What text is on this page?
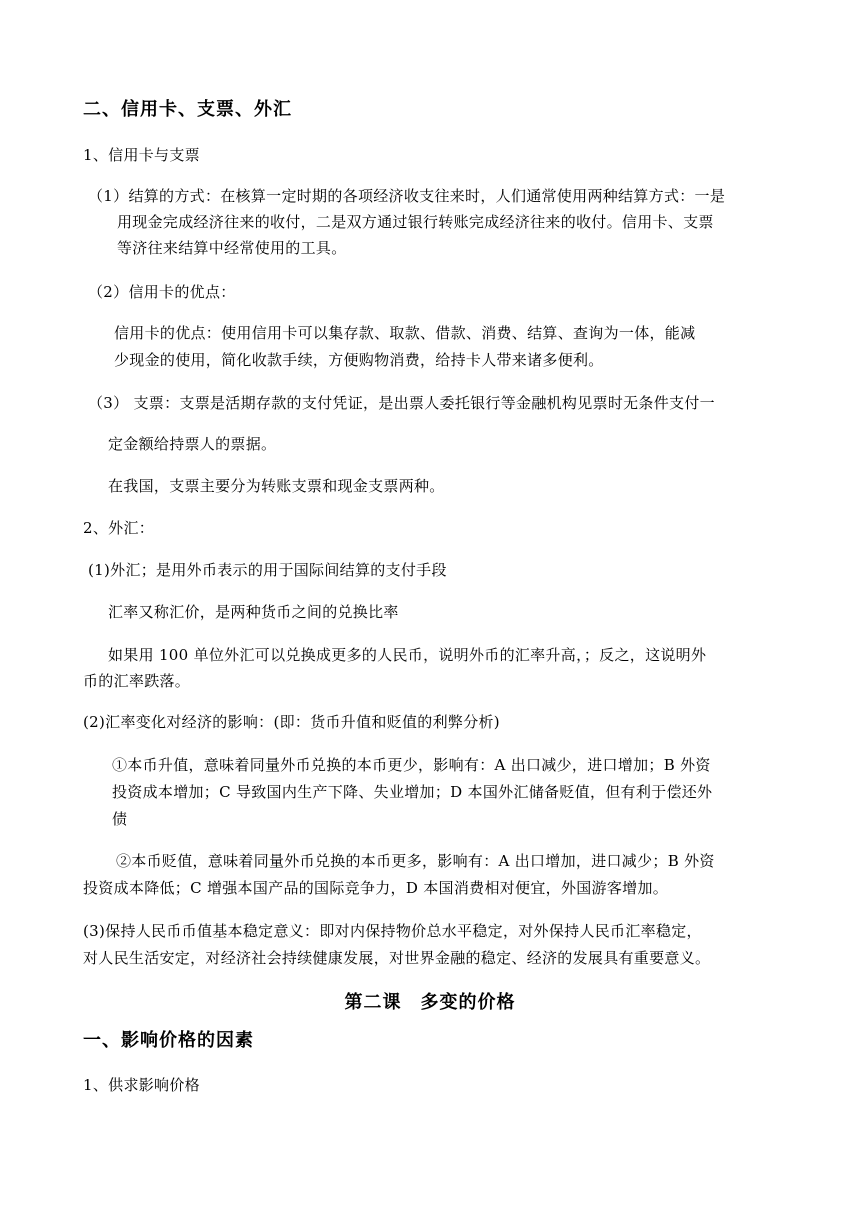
二、信用卡、支票、外汇
1、信用卡与支票
（1）结算的方式：在核算一定时期的各项经济收支往来时，人们通常使用两种结算方式：一是
用现金完成经济往来的收付，二是双方通过银行转账完成经济往来的收付。信用卡、支票
等济往来结算中经常使用的工具。
（2）信用卡的优点：
信用卡的优点：使用信用卡可以集存款、取款、借款、消费、结算、查询为一体，能减
少现金的使用，简化收款手续，方便购物消费，给持卡人带来诸多便利。
（3） 支票：支票是活期存款的支付凭证，是出票人委托银行等金融机构见票时无条件支付一
定金额给持票人的票据。
在我国，支票主要分为转账支票和现金支票两种。
2、外汇：
(1)外汇；是用外币表示的用于国际间结算的支付手段
汇率又称汇价，是两种货币之间的兑换比率
如果用 100 单位外汇可以兑换成更多的人民币，说明外币的汇率升高，；反之，这说明外
币的汇率跌落。
(2)汇率变化对经济的影响：(即：货币升值和贬值的利弊分析)
①本币升值，意味着同量外币兑换的本币更少，影响有：A 出口减少，进口增加；B 外资
投资成本增加；C 导致国内生产下降、失业增加；D 本国外汇储备贬值，但有利于偿还外
债
②本币贬值，意味着同量外币兑换的本币更多，影响有：A 出口增加，进口减少；B 外资
投资成本降低；C 增强本国产品的国际竞争力，D 本国消费相对便宜，外国游客增加。
(3)保持人民币币值基本稳定意义：即对内保持物价总水平稳定，对外保持人民币汇率稳定，
对人民生活安定，对经济社会持续健康发展，对世界金融的稳定、经济的发展具有重要意义。
第二课　多变的价格
一、影响价格的因素
1、供求影响价格
